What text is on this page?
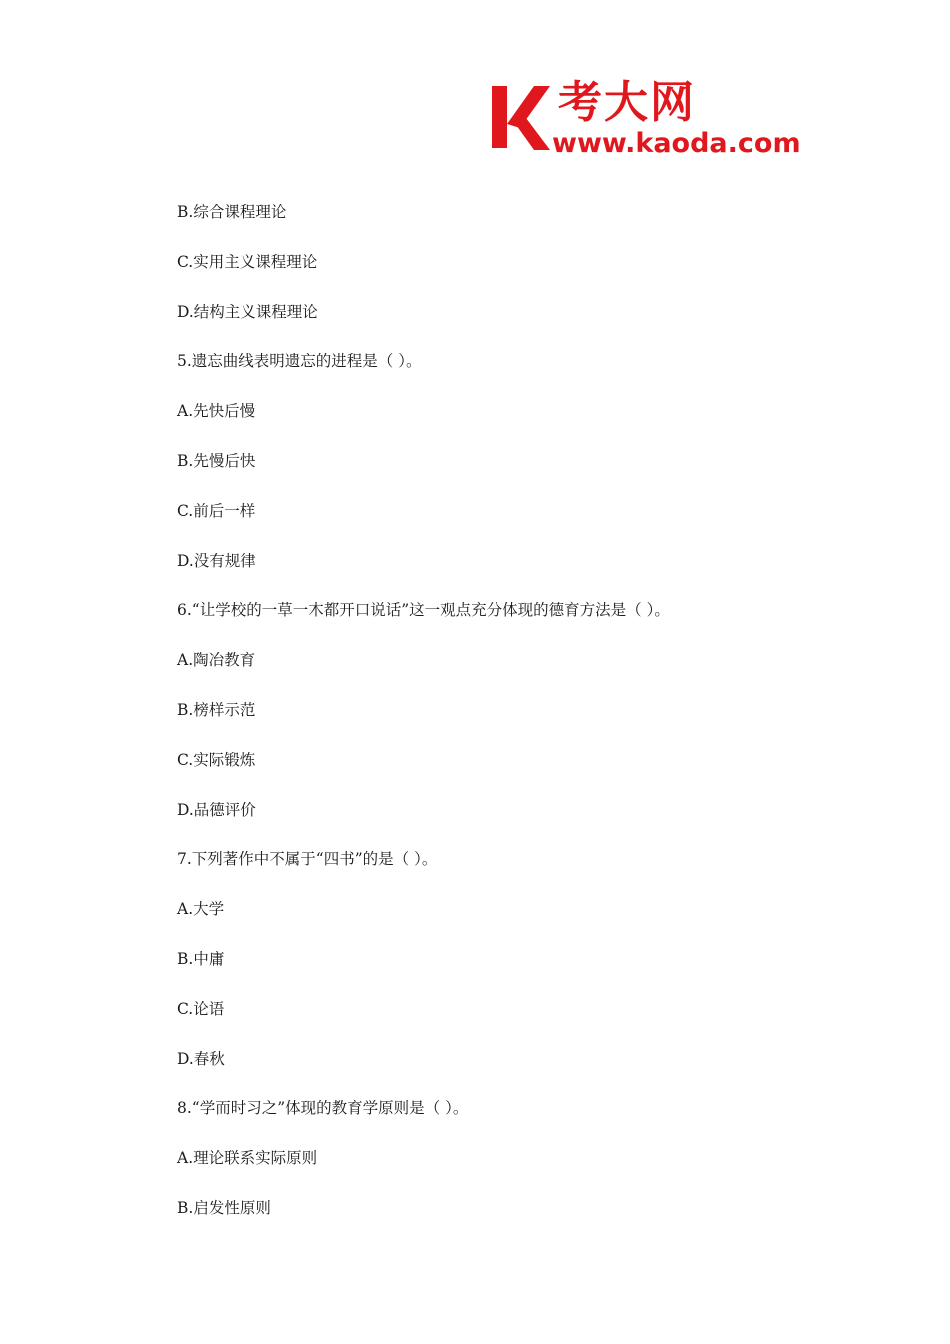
考大网
www.kaoda.com
B.综合课程理论
C.实用主义课程理论
D.结构主义课程理论
5.遗忘曲线表明遗忘的进程是（ ）。
A.先快后慢
B.先慢后快
C.前后一样
D.没有规律
6.“让学校的一草一木都开口说话”这一观点充分体现的德育方法是（ ）。
A.陶冶教育
B.榜样示范
C.实际锻炼
D.品德评价
7.下列著作中不属于“四书”的是（ ）。
A.大学
B.中庸
C.论语
D.春秋
8.“学而时习之”体现的教育学原则是（ ）。
A.理论联系实际原则
B.启发性原则
